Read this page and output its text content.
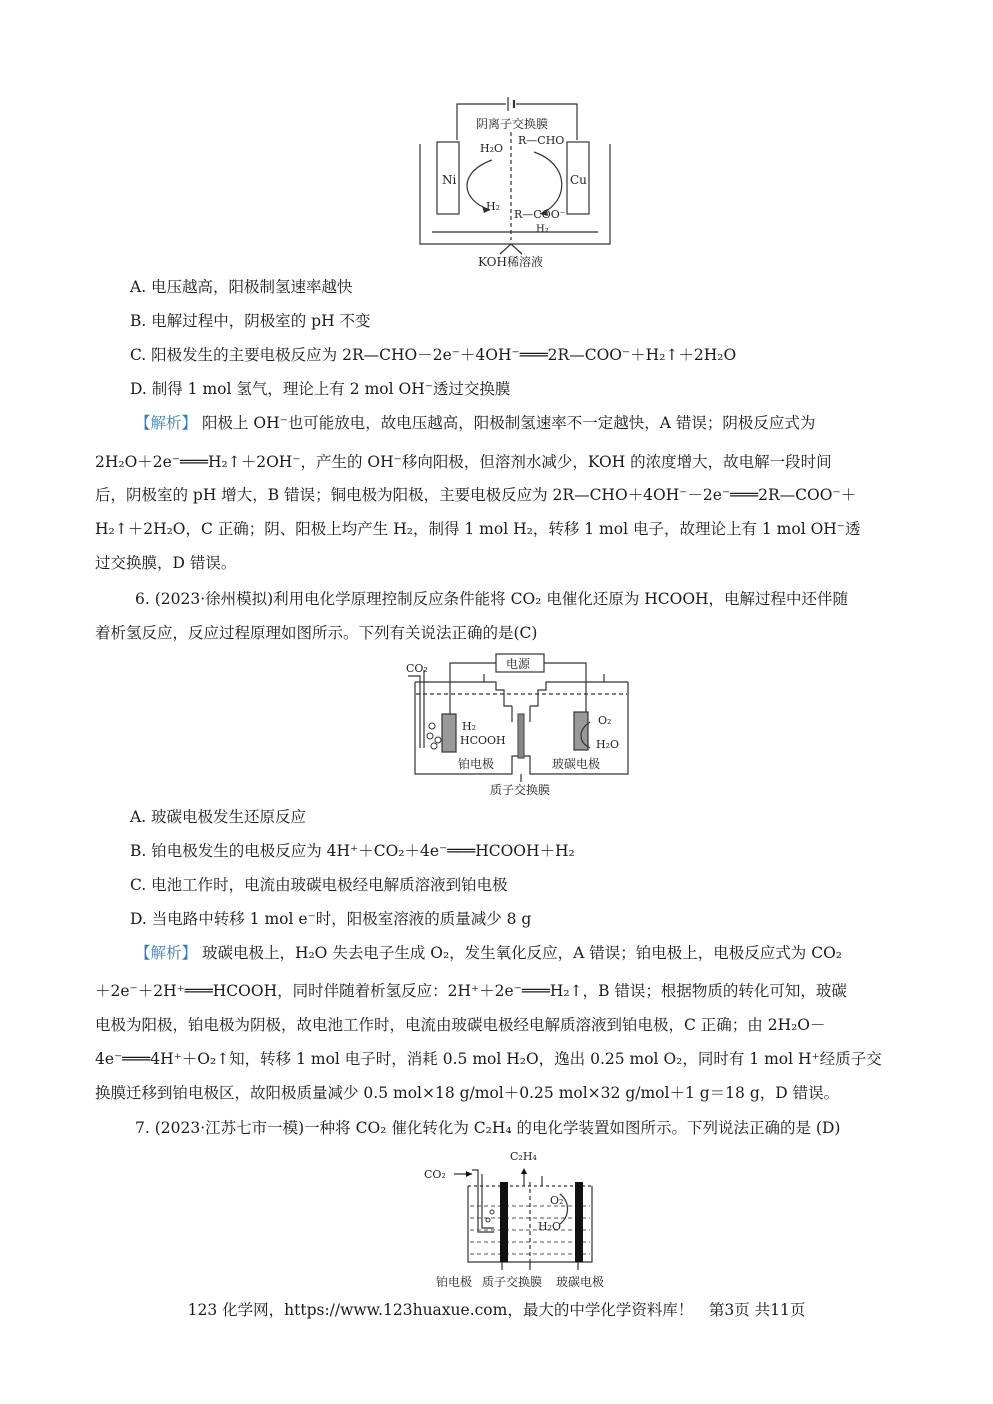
阴离子交换膜
Ni	Cu
H₂O
R—CHO
H₂
R—COO⁻
H₂
KOH稀溶液
A. 电压越高，阳极制氢速率越快
B. 电解过程中，阴极室的 pH 不变
C. 阳极发生的主要电极反应为 2R—CHO－2e⁻＋4OH⁻═══2R—COO⁻＋H₂↑＋2H₂O
D. 制得 1 mol 氢气，理论上有 2 mol OH⁻透过交换膜
【解析】 阳极上 OH⁻也可能放电，故电压越高，阳极制氢速率不一定越快，A 错误；阴极反应式为
2H₂O＋2e⁻═══H₂↑＋2OH⁻，产生的 OH⁻移向阳极，但溶剂水减少，KOH 的浓度增大，故电解一段时间
后，阴极室的 pH 增大，B 错误；铜电极为阳极，主要电极反应为 2R—CHO＋4OH⁻－2e⁻═══2R—COO⁻＋
H₂↑＋2H₂O，C 正确；阴、阳极上均产生 H₂，制得 1 mol H₂，转移 1 mol 电子，故理论上有 1 mol OH⁻透
过交换膜，D 错误。
6. (2023·徐州模拟)利用电化学原理控制反应条件能将 CO₂ 电催化还原为 HCOOH，电解过程中还伴随
着析氢反应，反应过程原理如图所示。下列有关说法正确的是(C)
CO₂	电源
H₂
HCOOH
O₂
H₂O
铂电极	玻碳电极
质子交换膜
A. 玻碳电极发生还原反应
B. 铂电极发生的电极反应为 4H⁺＋CO₂＋4e⁻═══HCOOH＋H₂
C. 电池工作时，电流由玻碳电极经电解质溶液到铂电极
D. 当电路中转移 1 mol e⁻时，阳极室溶液的质量减少 8 g
【解析】 玻碳电极上，H₂O 失去电子生成 O₂，发生氧化反应，A 错误；铂电极上，电极反应式为 CO₂
＋2e⁻＋2H⁺═══HCOOH，同时伴随着析氢反应：2H⁺＋2e⁻═══H₂↑，B 错误；根据物质的转化可知，玻碳
电极为阳极，铂电极为阴极，故电池工作时，电流由玻碳电极经电解质溶液到铂电极，C 正确；由 2H₂O－
4e⁻═══4H⁺＋O₂↑知，转移 1 mol 电子时，消耗 0.5 mol H₂O，逸出 0.25 mol O₂，同时有 1 mol H⁺经质子交
换膜迁移到铂电极区，故阳极质量减少 0.5 mol×18 g/mol＋0.25 mol×32 g/mol＋1 g＝18 g，D 错误。
7. (2023·江苏七市一模)一种将 CO₂ 催化转化为 C₂H₄ 的电化学装置如图所示。下列说法正确的是 (D)
CO₂
C₂H₄
O₂
H₂O
铂电极 质子交换膜 玻碳电极
123 化学网，https://www.123huaxue.com，最大的中学化学资料库！　第3页 共11页
